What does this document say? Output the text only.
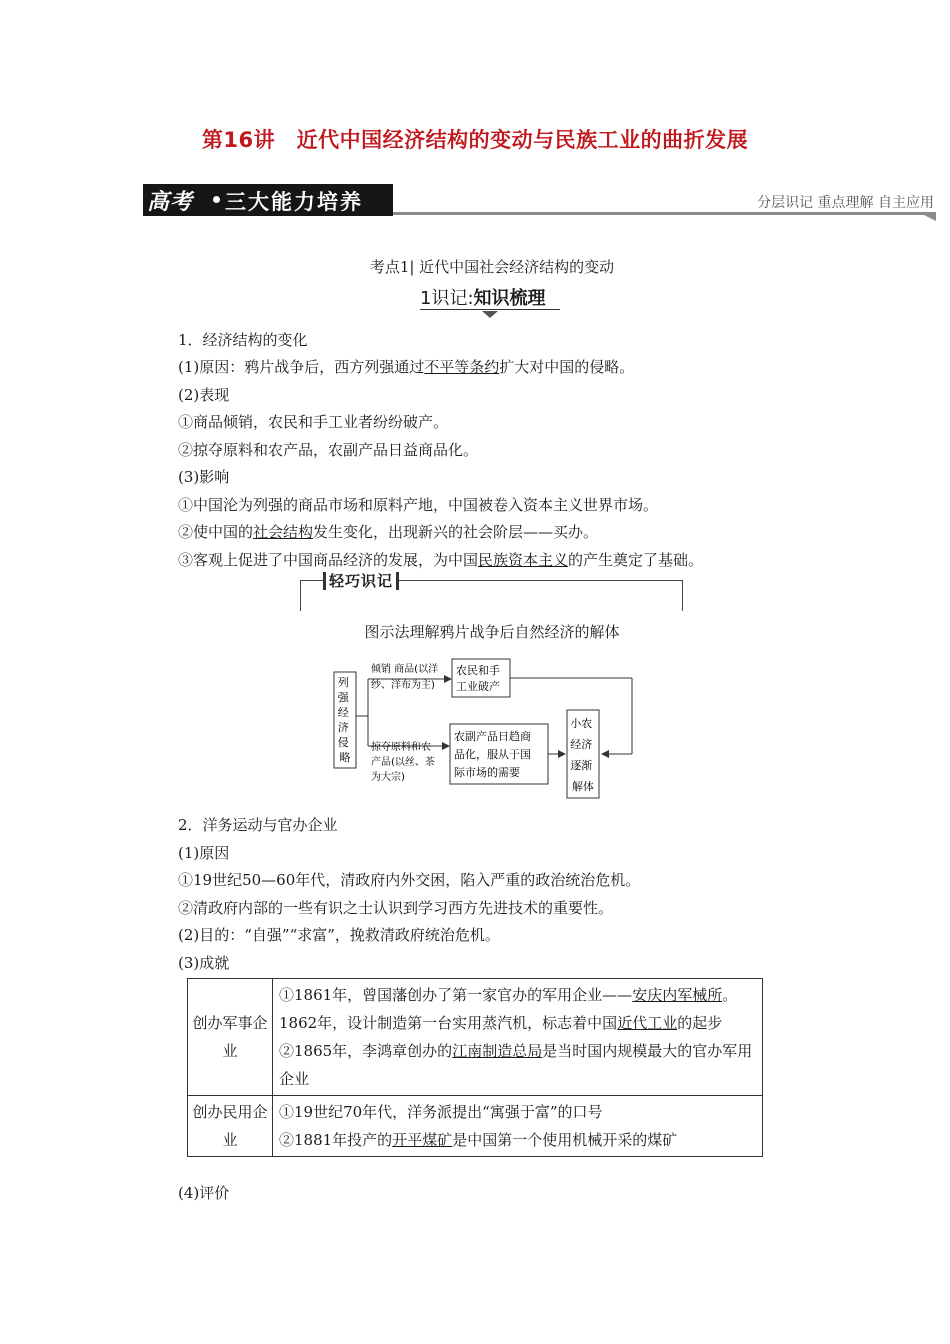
第16讲　近代中国经济结构的变动与民族工业的曲折发展
高考 三大能力培养	分层识记 重点理解 自主应用
考点1| 近代中国社会经济结构的变动
1识记:知识梳理
1．经济结构的变化
(1)原因：鸦片战争后，西方列强通过不平等条约扩大对中国的侵略。
(2)表现
①商品倾销，农民和手工业者纷纷破产。
②掠夺原料和农产品，农副产品日益商品化。
(3)影响
①中国沦为列强的商品市场和原料产地，中国被卷入资本主义世界市场。
②使中国的社会结构发生变化，出现新兴的社会阶层——买办。
③客观上促进了中国商品经济的发展，为中国民族资本主义的产生奠定了基础。
轻巧识记
图示法理解鸦片战争后自然经济的解体
列 强 经 济 侵 略
倾销 商品(以洋 纱、洋布为主)
农民和手 工业破产
掠夺原料和农 产品(以丝、茶 为大宗)
农副产品日趋商 品化，服从于国 际市场的需要
小农 经济 逐渐 解体
2．洋务运动与官办企业
(1)原因
①19世纪50—60年代，清政府内外交困，陷入严重的政治统治危机。
②清政府内部的一些有识之士认识到学习西方先进技术的重要性。
(2)目的：“自强”“求富”，挽救清政府统治危机。
(3)成就
创办军事企业	①1861年，曾国藩创办了第一家官办的军用企业——安庆内军械所。1862年，设计制造第一台实用蒸汽机，标志着中国近代工业的起步
②1865年，李鸿章创办的江南制造总局是当时国内规模最大的官办军用企业
创办民用企业	①19世纪70年代，洋务派提出“寓强于富”的口号
②1881年投产的开平煤矿是中国第一个使用机械开采的煤矿
(4)评价
